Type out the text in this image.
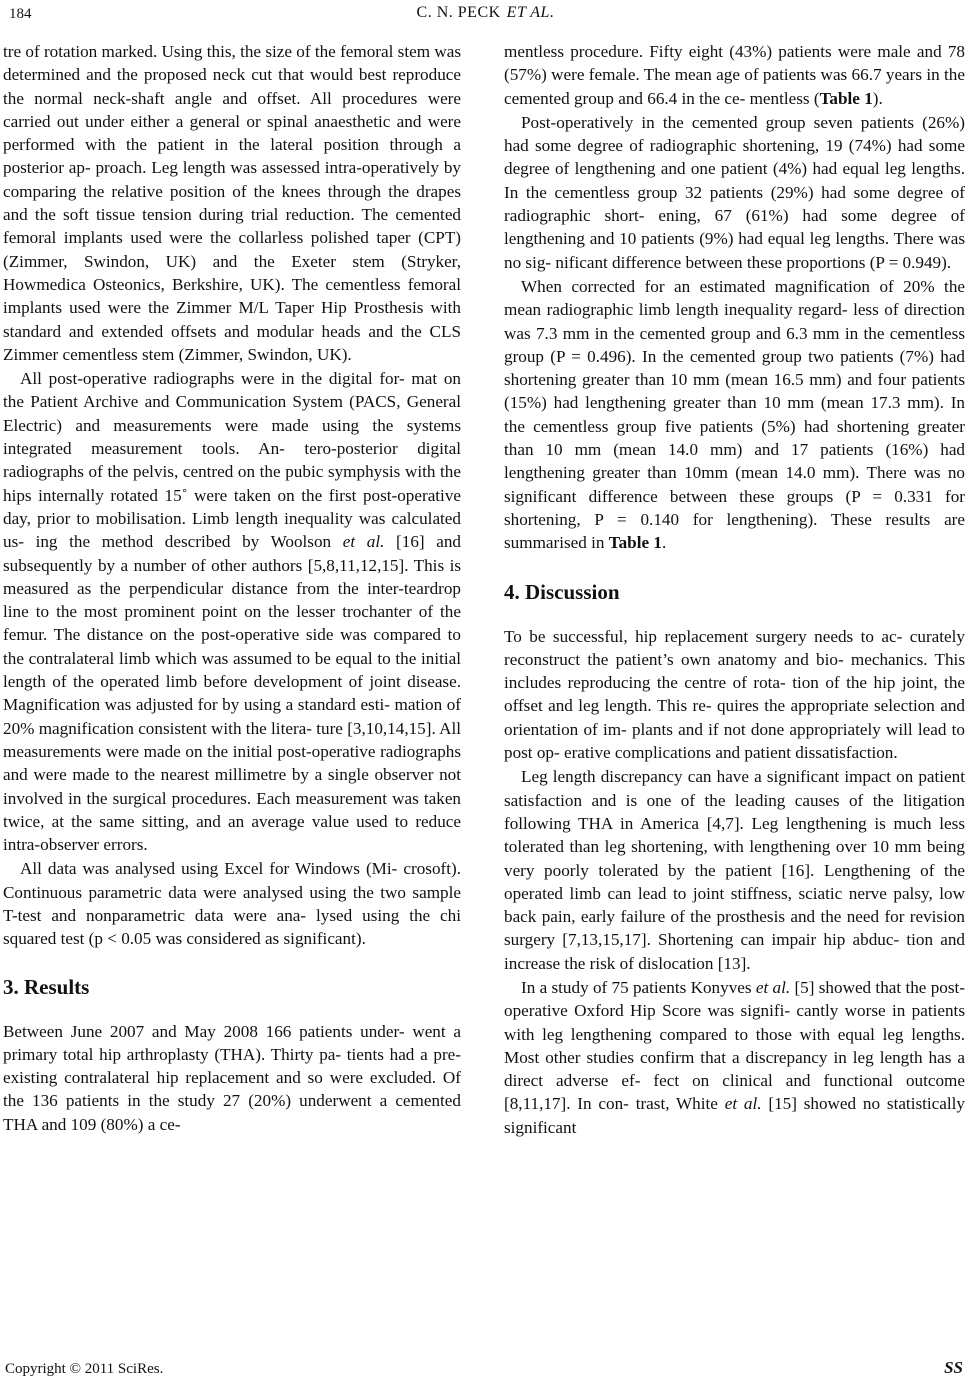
184	C. N. PECK ET AL.

tre of rotation marked. Using this, the size of the femoral stem was determined and the proposed neck cut that would best reproduce the normal neck-shaft angle and offset. All procedures were carried out under either a general or spinal anaesthetic and were performed with the patient in the lateral position through a posterior ap- proach. Leg length was assessed intra-operatively by comparing the relative position of the knees through the drapes and the soft tissue tension during trial reduction. The cemented femoral implants used were the collarless polished taper (CPT) (Zimmer, Swindon, UK) and the Exeter stem (Stryker, Howmedica Osteonics, Berkshire, UK). The cementless femoral implants used were the Zimmer M/L Taper Hip Prosthesis with standard and extended offsets and modular heads and the CLS Zimmer cementless stem (Zimmer, Swindon, UK).

All post-operative radiographs were in the digital for- mat on the Patient Archive and Communication System (PACS, General Electric) and measurements were made using the systems integrated measurement tools. An- tero-posterior digital radiographs of the pelvis, centred on the pubic symphysis with the hips internally rotated 15˚ were taken on the first post-operative day, prior to mobilisation. Limb length inequality was calculated us- ing the method described by Woolson et al. [16] and subsequently by a number of other authors [5,8,11,12,15]. This is measured as the perpendicular distance from the inter-teardrop line to the most prominent point on the lesser trochanter of the femur. The distance on the post-operative side was compared to the contralateral limb which was assumed to be equal to the initial length of the operated limb before development of joint disease. Magnification was adjusted for by using a standard esti- mation of 20% magnification consistent with the litera- ture [3,10,14,15]. All measurements were made on the initial post-operative radiographs and were made to the nearest millimetre by a single observer not involved in the surgical procedures. Each measurement was taken twice, at the same sitting, and an average value used to reduce intra-observer errors.

All data was analysed using Excel for Windows (Mi- crosoft). Continuous parametric data were analysed using the two sample T-test and nonparametric data were ana- lysed using the chi squared test (p < 0.05 was considered as significant).

3. Results

Between June 2007 and May 2008 166 patients under- went a primary total hip arthroplasty (THA). Thirty pa- tients had a pre-existing contralateral hip replacement and so were excluded. Of the 136 patients in the study 27 (20%) underwent a cemented THA and 109 (80%) a ce-

mentless procedure. Fifty eight (43%) patients were male and 78 (57%) were female. The mean age of patients was 66.7 years in the cemented group and 66.4 in the ce- mentless (Table 1).

Post-operatively in the cemented group seven patients (26%) had some degree of radiographic shortening, 19 (74%) had some degree of lengthening and one patient (4%) had equal leg lengths. In the cementless group 32 patients (29%) had some degree of radiographic short- ening, 67 (61%) had some degree of lengthening and 10 patients (9%) had equal leg lengths. There was no sig- nificant difference between these proportions (P = 0.949).

When corrected for an estimated magnification of 20% the mean radiographic limb length inequality regard- less of direction was 7.3 mm in the cemented group and 6.3 mm in the cementless group (P = 0.496). In the cemented group two patients (7%) had shortening greater than 10 mm (mean 16.5 mm) and four patients (15%) had lengthening greater than 10 mm (mean 17.3 mm). In the cementless group five patients (5%) had shortening greater than 10 mm (mean 14.0 mm) and 17 patients (16%) had lengthening greater than 10mm (mean 14.0 mm). There was no significant difference between these groups (P = 0.331 for shortening, P = 0.140 for lengthening). These results are summarised in Table 1.

4. Discussion

To be successful, hip replacement surgery needs to ac- curately reconstruct the patient’s own anatomy and bio- mechanics. This includes reproducing the centre of rota- tion of the hip joint, the offset and leg length. This re- quires the appropriate selection and orientation of im- plants and if not done appropriately will lead to post op- erative complications and patient dissatisfaction.

Leg length discrepancy can have a significant impact on patient satisfaction and is one of the leading causes of the litigation following THA in America [4,7]. Leg lengthening is much less tolerated than leg shortening, with lengthening over 10 mm being very poorly tolerated by the patient [16]. Lengthening of the operated limb can lead to joint stiffness, sciatic nerve palsy, low back pain, early failure of the prosthesis and the need for revision surgery [7,13,15,17]. Shortening can impair hip abduc- tion and increase the risk of dislocation [13].

In a study of 75 patients Konyves et al. [5] showed that the post-operative Oxford Hip Score was signifi- cantly worse in patients with leg lengthening compared to those with equal leg lengths. Most other studies confirm that a discrepancy in leg length has a direct adverse ef- fect on clinical and functional outcome [8,11,17]. In con- trast, White et al. [15] showed no statistically significant

Copyright © 2011 SciRes.	SS
